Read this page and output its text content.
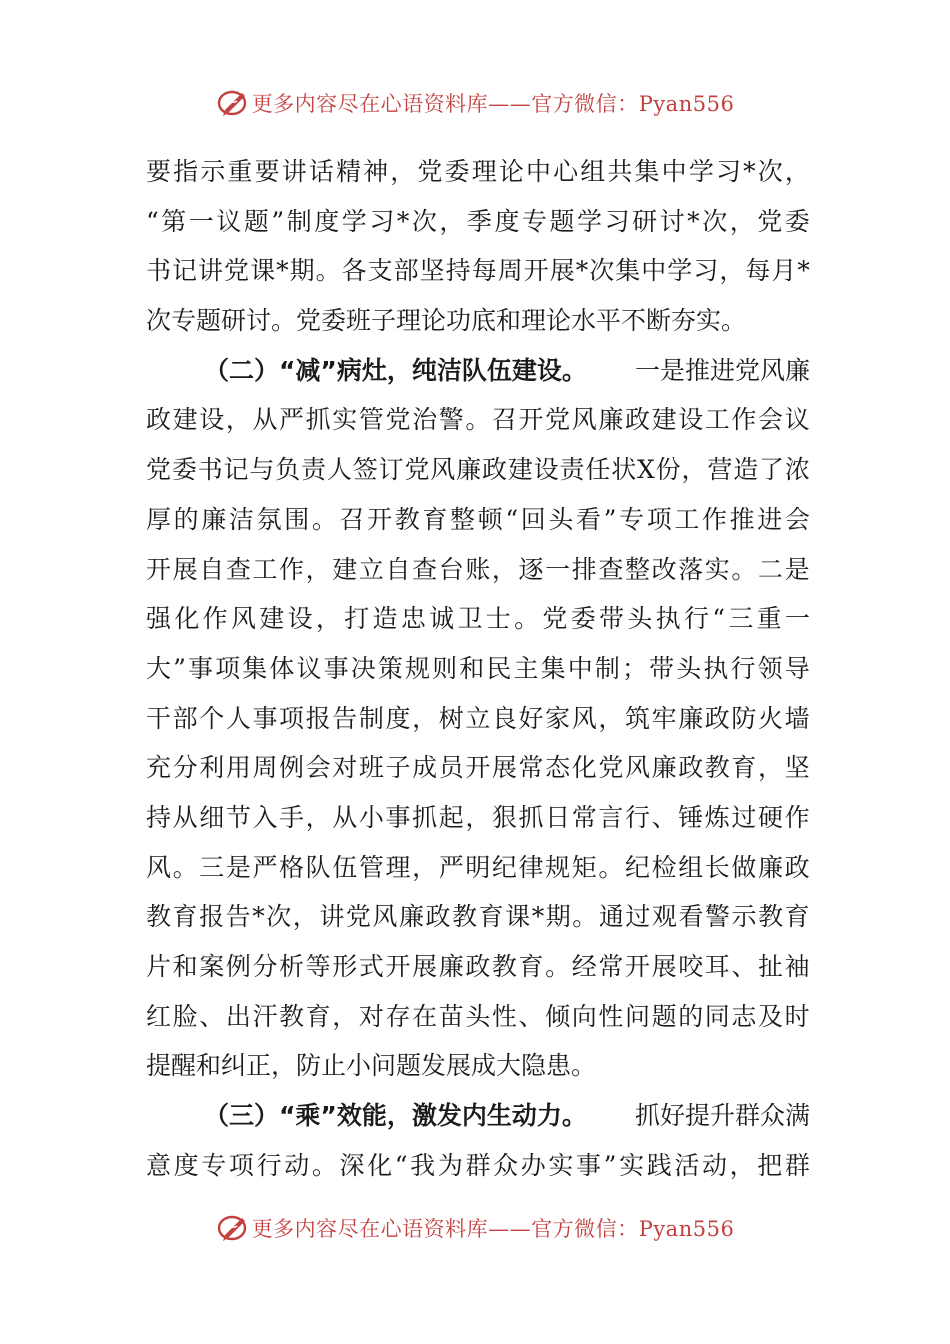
更多内容尽在心语资料库——官方微信：Pyan556
要 指 示 重 要 讲 话 精 神 ， 党 委 理 论 中 心 组 共 集 中 学 习 * 次 ，
“ 第 一 议 题 ” 制 度 学 习 * 次 ， 季 度 专 题 学 习 研 讨 * 次 ， 党 委
书 记 讲 党 课 * 期 。 各 支 部 坚 持 每 周 开 展 * 次 集 中 学 习 ， 每 月 *
次专题研讨。党委班子理论功底和理论水平不断夯实。
（二）“减”病灶，纯洁队伍建设。 一是推进党风廉
政 建 设 ， 从 严 抓 实 管 党 治 警 。 召 开 党 风 廉 政 建 设 工 作 会 议
党 委 书 记 与 负 责 人 签 订 党 风 廉 政 建 设 责 任 状 X 份 ， 营 造 了 浓
厚 的 廉 洁 氛 围 。 召 开 教 育 整 顿 “ 回 头 看 ” 专 项 工 作 推 进 会
开 展 自 查 工 作 ， 建 立 自 查 台 账 ， 逐 一 排 查 整 改 落 实 。 二 是
强 化 作 风 建 设 ， 打 造 忠 诚 卫 士 。 党 委 带 头 执 行 “ 三 重 一
大 ” 事 项 集 体 议 事 决 策 规 则 和 民 主 集 中 制 ； 带 头 执 行 领 导
干 部 个 人 事 项 报 告 制 度 ， 树 立 良 好 家 风 ， 筑 牢 廉 政 防 火 墙
充 分 利 用 周 例 会 对 班 子 成 员 开 展 常 态 化 党 风 廉 政 教 育 ， 坚
持 从 细 节 入 手 ， 从 小 事 抓 起 ， 狠 抓 日 常 言 行 、 锤 炼 过 硬 作
风 。 三 是 严 格 队 伍 管 理 ， 严 明 纪 律 规 矩 。 纪 检 组 长 做 廉 政
教 育 报 告 * 次 ， 讲 党 风 廉 政 教 育 课 * 期 。 通 过 观 看 警 示 教 育
片 和 案 例 分 析 等 形 式 开 展 廉 政 教 育 。 经 常 开 展 咬 耳 、 扯 袖
红 脸 、 出 汗 教 育 ， 对 存 在 苗 头 性 、 倾 向 性 问 题 的 同 志 及 时
提醒和纠正，防止小问题发展成大隐患。
（三）“乘”效能，激发内生动力。 抓好提升群众满
意 度 专 项 行 动 。 深 化 “ 我 为 群 众 办 实 事 ” 实 践 活 动 ， 把 群
更多内容尽在心语资料库——官方微信：Pyan556
